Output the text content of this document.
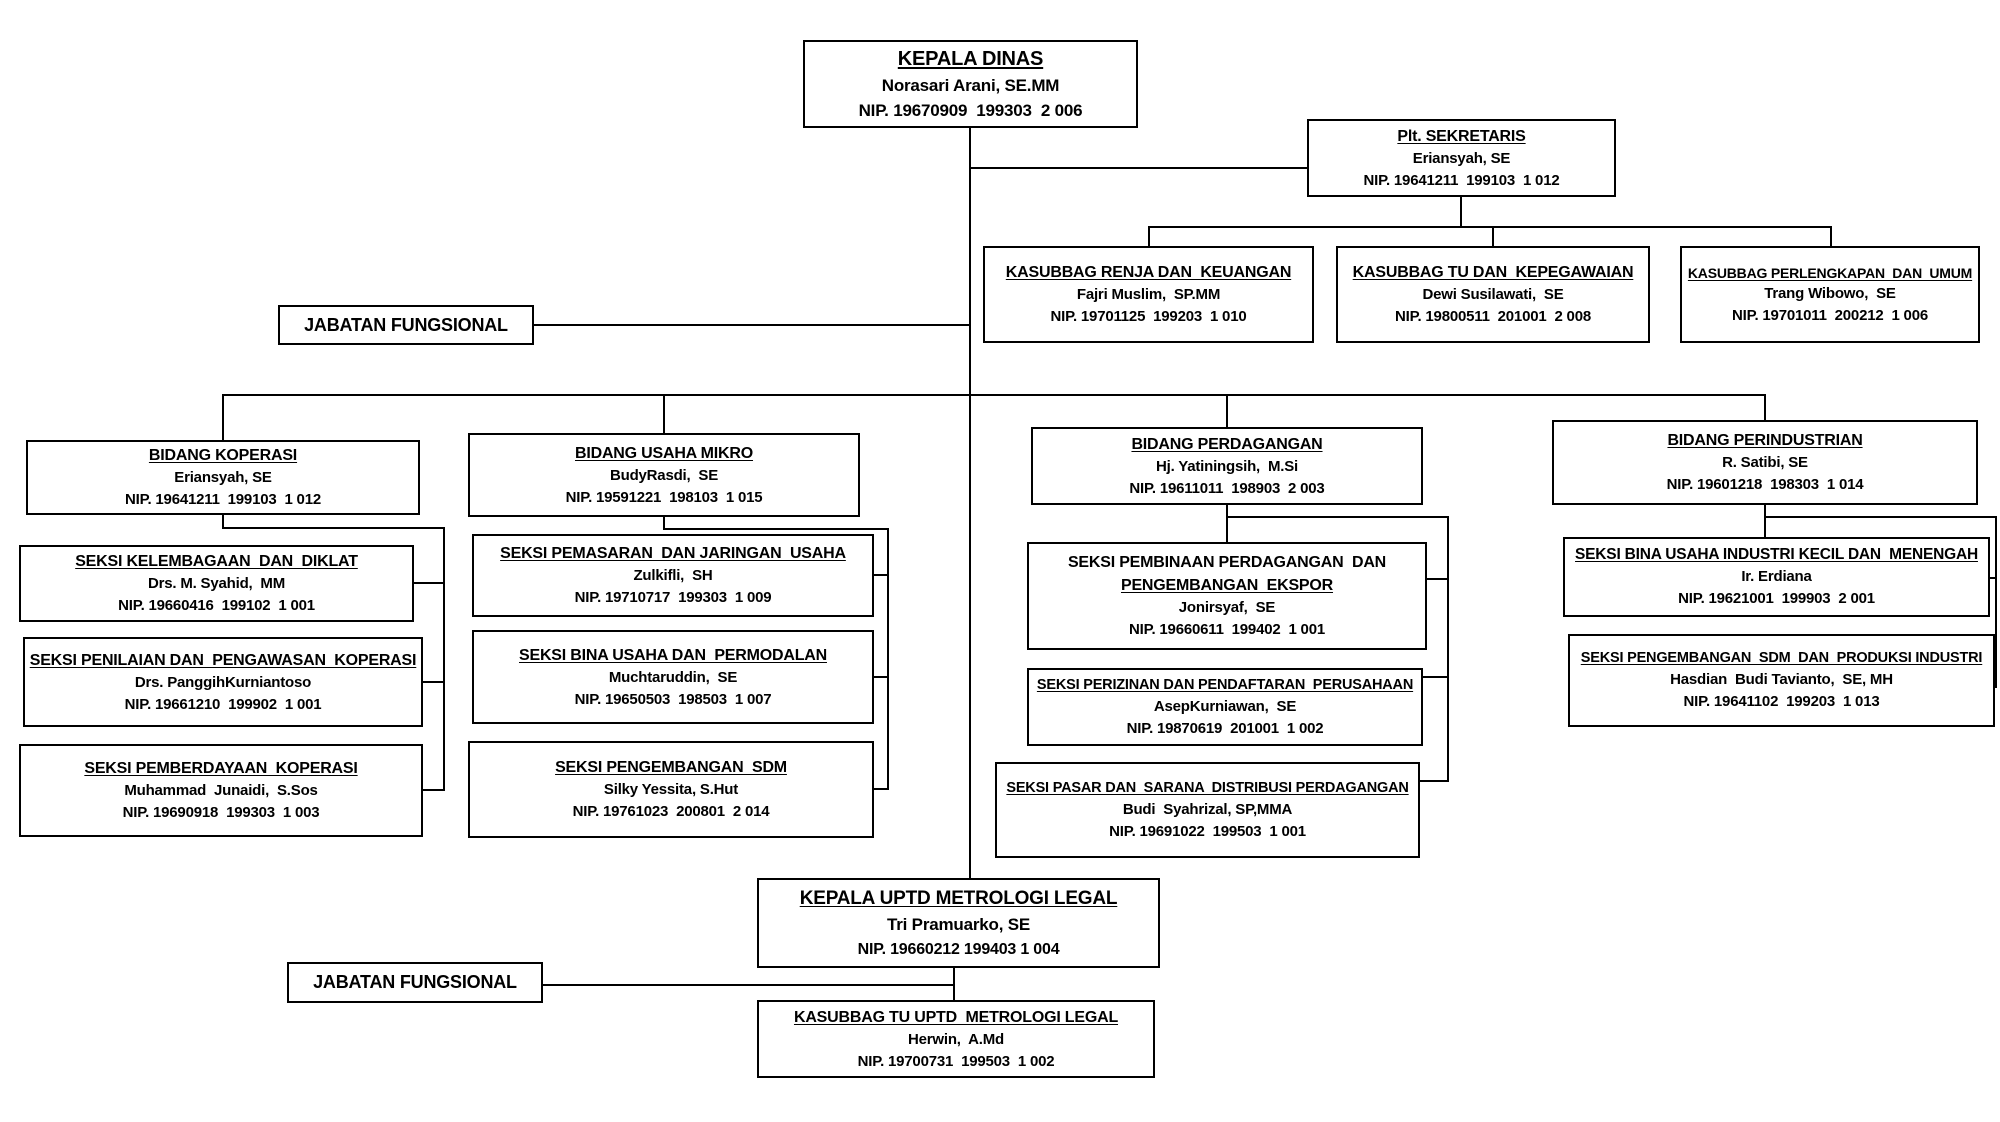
KEPALA DINAS
Norasari Arani, SE.MM
NIP. 19670909  199303  2 006
Plt. SEKRETARIS
Eriansyah, SE
NIP. 19641211  199103  1 012
KASUBBAG RENJA DAN  KEUANGAN
Fajri Muslim,  SP.MM
NIP. 19701125  199203  1 010
KASUBBAG TU DAN  KEPEGAWAIAN
Dewi Susilawati,  SE
NIP. 19800511  201001  2 008
KASUBBAG PERLENGKAPAN  DAN  UMUM
Trang Wibowo,  SE
NIP. 19701011  200212  1 006
JABATAN FUNGSIONAL
BIDANG KOPERASI
Eriansyah, SE
NIP. 19641211  199103  1 012
SEKSI KELEMBAGAAN  DAN  DIKLAT
Drs. M. Syahid,  MM
NIP. 19660416  199102  1 001
SEKSI PENILAIAN DAN  PENGAWASAN  KOPERASI
Drs. PanggihKurniantoso
NIP. 19661210  199902  1 001
SEKSI PEMBERDAYAAN  KOPERASI
Muhammad  Junaidi,  S.Sos
NIP. 19690918  199303  1 003
BIDANG USAHA MIKRO
BudyRasdi,  SE
NIP. 19591221  198103  1 015
SEKSI PEMASARAN  DAN JARINGAN  USAHA
Zulkifli,  SH
NIP. 19710717  199303  1 009
SEKSI BINA USAHA DAN  PERMODALAN
Muchtaruddin,  SE
NIP. 19650503  198503  1 007
SEKSI PENGEMBANGAN  SDM
Silky Yessita, S.Hut
NIP. 19761023  200801  2 014
BIDANG PERDAGANGAN
Hj. Yatiningsih,  M.Si
NIP. 19611011  198903  2 003
SEKSI PEMBINAAN PERDAGANGAN  DAN
PENGEMBANGAN  EKSPOR
Jonirsyaf,  SE
NIP. 19660611  199402  1 001
SEKSI PERIZINAN DAN PENDAFTARAN  PERUSAHAAN
AsepKurniawan,  SE
NIP. 19870619  201001  1 002
SEKSI PASAR DAN  SARANA  DISTRIBUSI PERDAGANGAN
Budi  Syahrizal, SP,MMA
NIP. 19691022  199503  1 001
BIDANG PERINDUSTRIAN
R. Satibi, SE
NIP. 19601218  198303  1 014
SEKSI BINA USAHA INDUSTRI KECIL DAN  MENENGAH
Ir. Erdiana
NIP. 19621001  199903  2 001
SEKSI PENGEMBANGAN  SDM  DAN  PRODUKSI INDUSTRI
Hasdian  Budi Tavianto,  SE, MH
NIP. 19641102  199203  1 013
KEPALA UPTD METROLOGI LEGAL
Tri Pramuarko, SE
NIP. 19660212 199403 1 004
JABATAN FUNGSIONAL
KASUBBAG TU UPTD  METROLOGI LEGAL
Herwin,  A.Md
NIP. 19700731  199503  1 002
